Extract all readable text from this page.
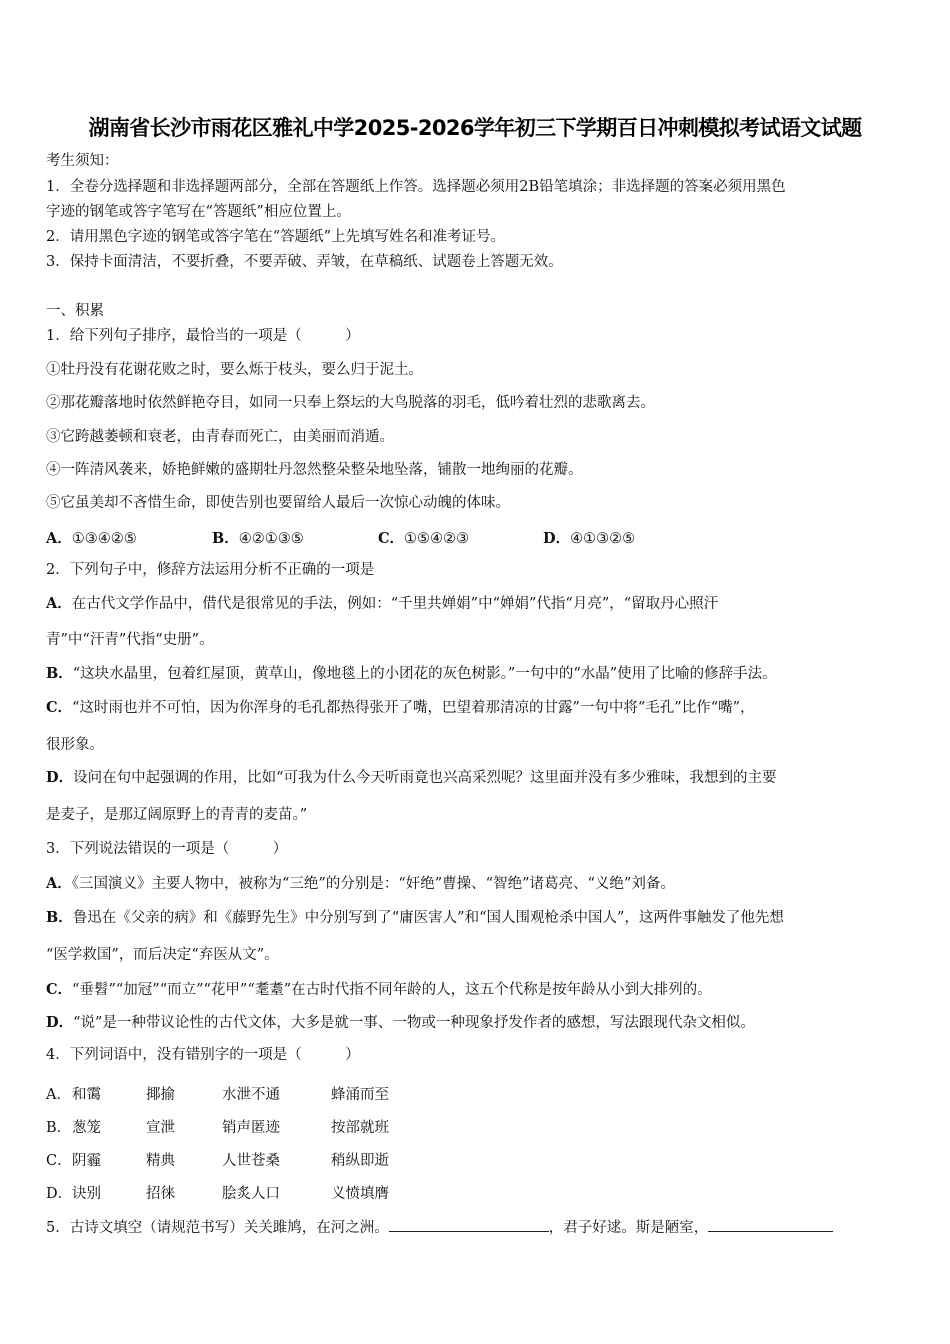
湖南省长沙市雨花区雅礼中学2025-2026学年初三下学期百日冲刺模拟考试语文试题
考生须知：
1．全卷分选择题和非选择题两部分，全部在答题纸上作答。选择题必须用2B铅笔填涂；非选择题的答案必须用黑色
字迹的钢笔或答字笔写在“答题纸”相应位置上。
2．请用黑色字迹的钢笔或答字笔在“答题纸”上先填写姓名和准考证号。
3．保持卡面清洁，不要折叠，不要弄破、弄皱，在草稿纸、试题卷上答题无效。
一、积累
1．给下列句子排序，最恰当的一项是（　　　）
①牡丹没有花谢花败之时，要么烁于枝头，要么归于泥土。
②那花瓣落地时依然鲜艳夺目，如同一只奉上祭坛的大鸟脱落的羽毛，低吟着壮烈的悲歌离去。
③它跨越萎顿和衰老，由青春而死亡，由美丽而消遁。
④一阵清风袭来，娇艳鲜嫩的盛期牡丹忽然整朵整朵地坠落，铺散一地绚丽的花瓣。
⑤它虽美却不吝惜生命，即使告别也要留给人最后一次惊心动魄的体味。
A．①③④②⑤	B．④②①③⑤	C．①⑤④②③	D．④①③②⑤
2．下列句子中，修辞方法运用分析不正确的一项是
A．在古代文学作品中，借代是很常见的手法，例如：“千里共婵娟”中“婵娟”代指“月亮”，“留取丹心照汗
青”中“汗青”代指“史册”。
B．“这块水晶里，包着红屋顶，黄草山，像地毯上的小团花的灰色树影。”一句中的“水晶”使用了比喻的修辞手法。
C．“这时雨也并不可怕，因为你浑身的毛孔都热得张开了嘴，巴望着那清凉的甘露”一句中将“毛孔”比作“嘴”，
很形象。
D．设问在句中起强调的作用，比如“可我为什么今天听雨竟也兴高采烈呢？这里面并没有多少雅味，我想到的主要
是麦子，是那辽阔原野上的青青的麦苗。”
3．下列说法错误的一项是（　　　）
A．《三国演义》主要人物中，被称为“三绝”的分别是：“奸绝”曹操、“智绝”诸葛亮、“义绝”刘备。
B．鲁迅在《父亲的病》和《藤野先生》中分别写到了“庸医害人”和“国人围观枪杀中国人”，这两件事触发了他先想
“医学救国”，而后决定“弃医从文”。
C．“垂髫”“加冠”“而立”“花甲”“耄耋”在古时代指不同年龄的人，这五个代称是按年龄从小到大排列的。
D．“说”是一种带议论性的古代文体，大多是就一事、一物或一种现象抒发作者的感想，写法跟现代杂文相似。
4．下列词语中，没有错别字的一项是（　　　）
A． 和霭	揶揄	水泄不通	蜂涌而至
B． 葱笼	宣泄	销声匿迹	按部就班
C． 阴霾	精典	人世苍桑	稍纵即逝
D． 诀别	招徕	脍炙人口	义愤填膺
5．古诗文填空（请规范书写）关关雎鸠，在河之洲。	，君子好逑。斯是陋室，
